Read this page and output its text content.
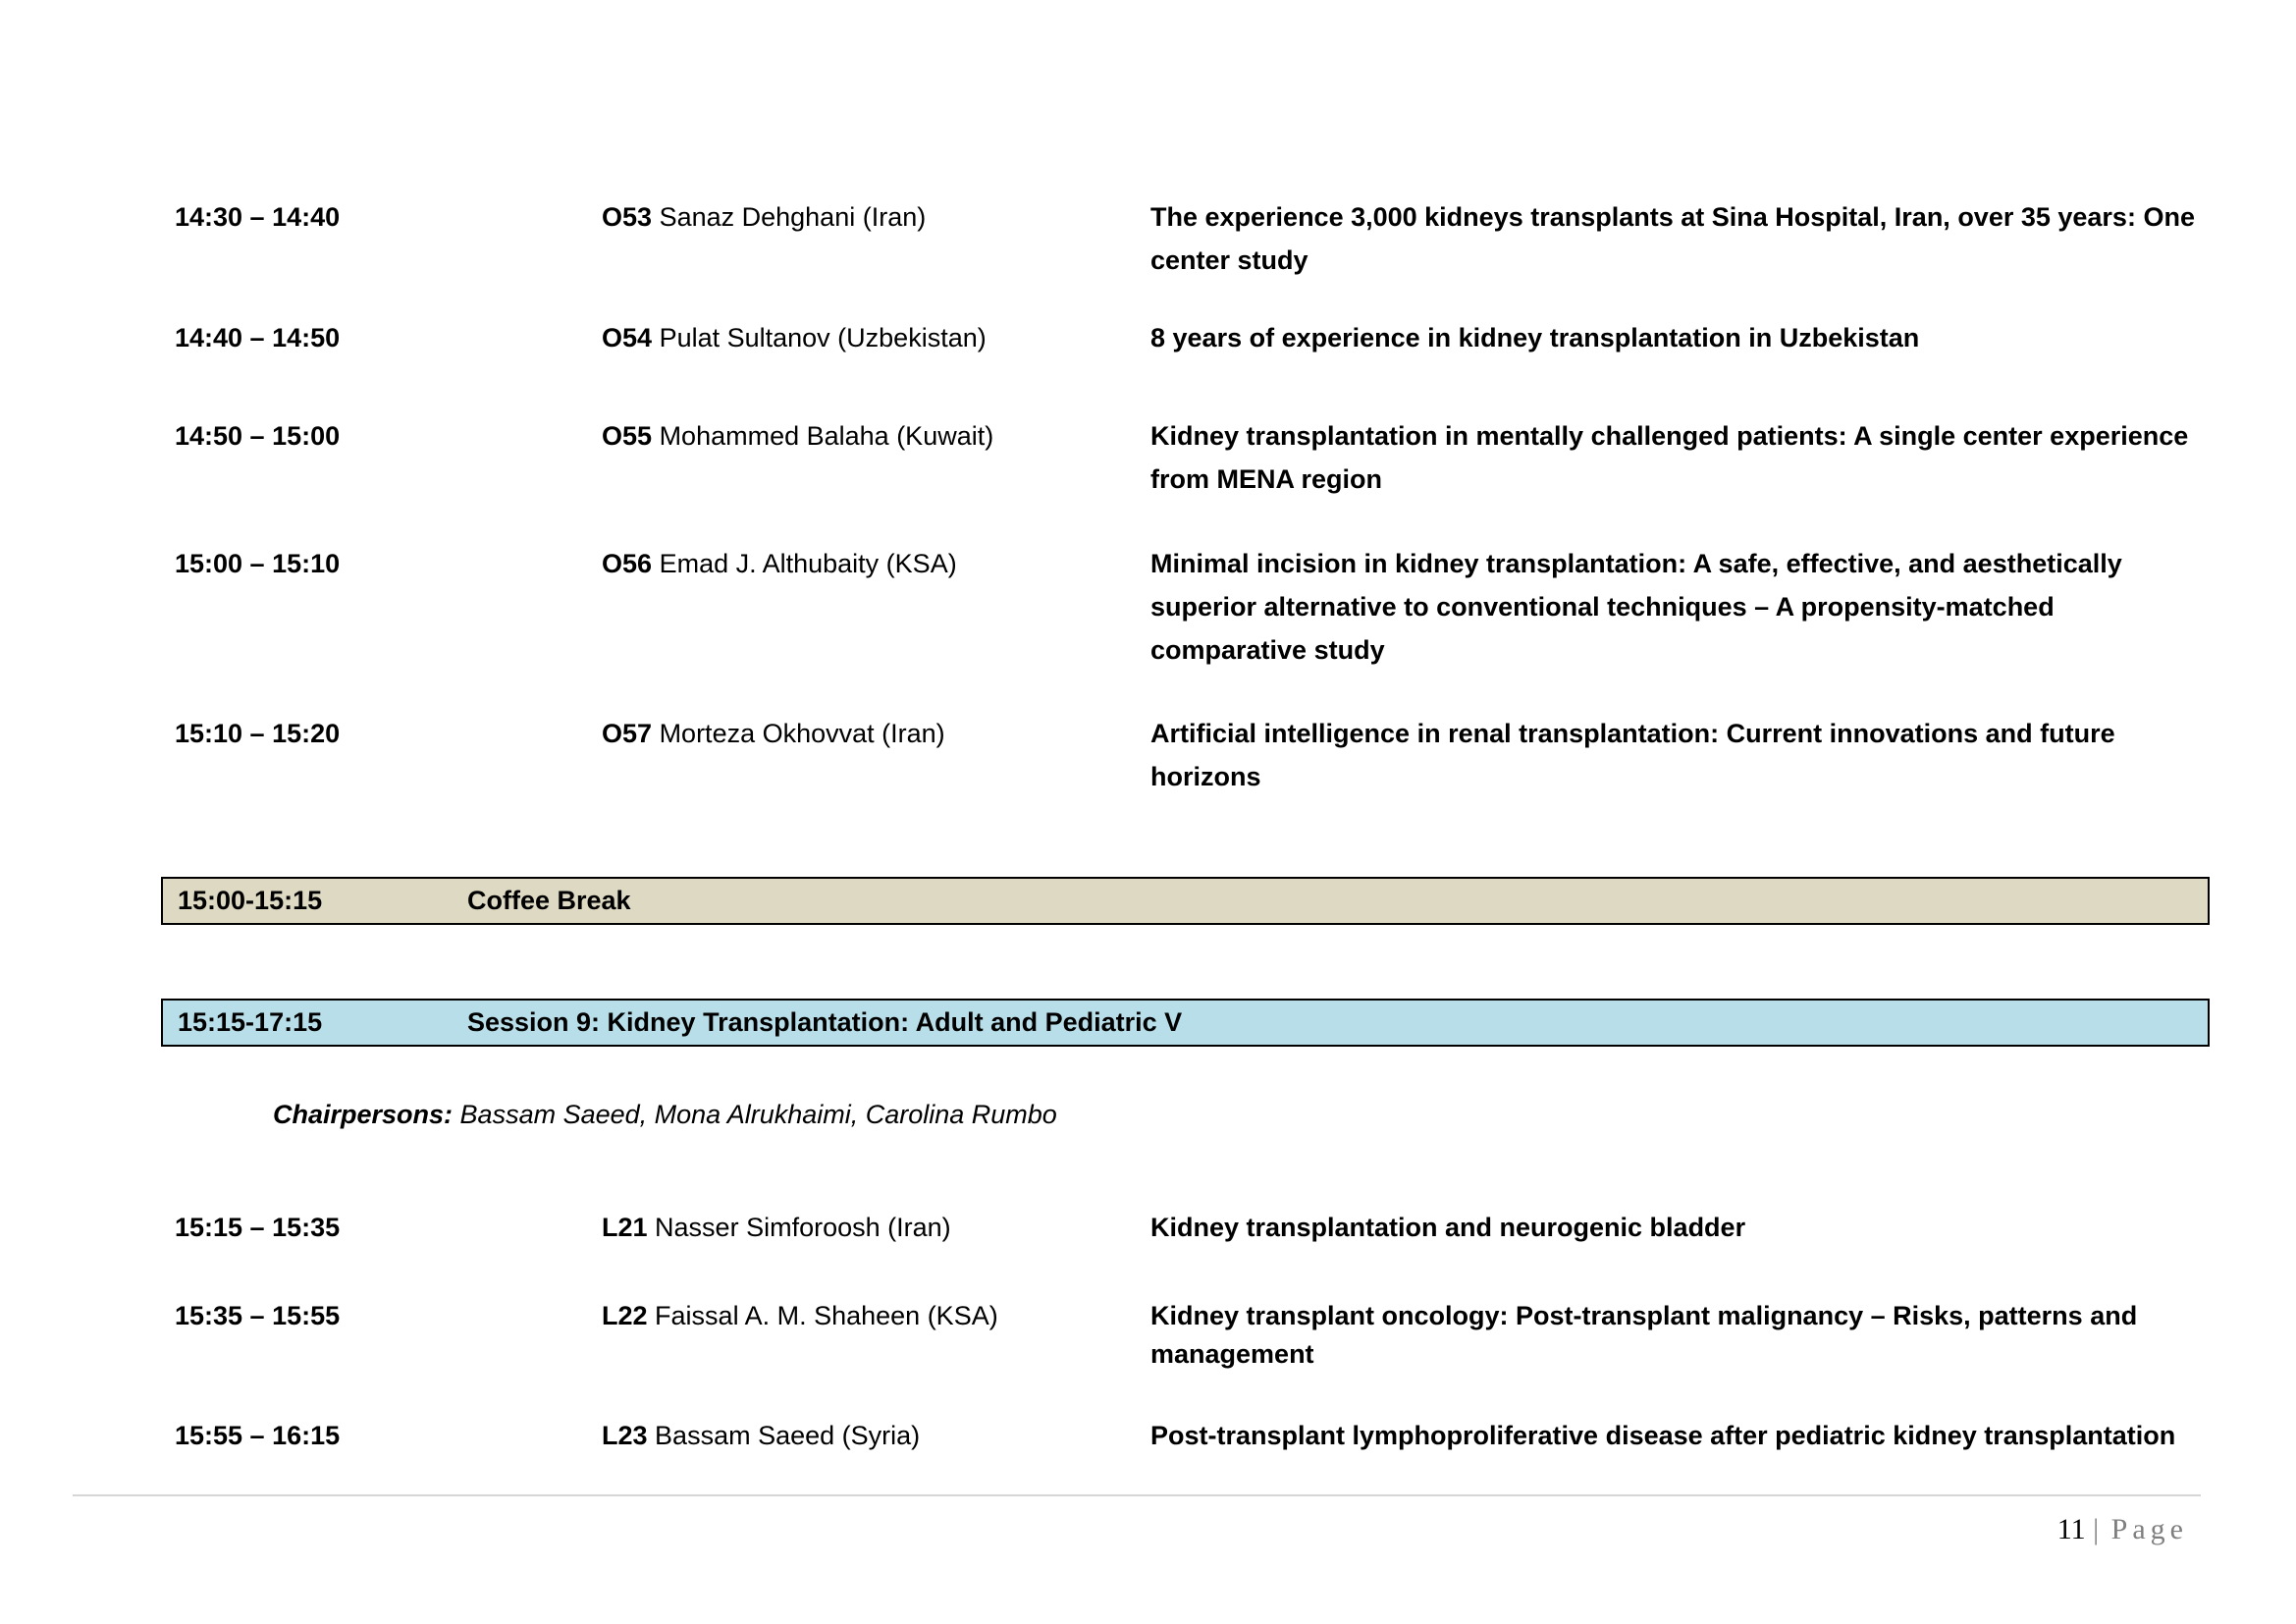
14:30 – 14:40	O53 Sanaz Dehghani (Iran)	The experience 3,000 kidneys transplants at Sina Hospital, Iran, over 35 years: One center study
14:40 – 14:50	O54 Pulat Sultanov (Uzbekistan)	8 years of experience in kidney transplantation in Uzbekistan
14:50 – 15:00	O55 Mohammed Balaha (Kuwait)	Kidney transplantation in mentally challenged patients: A single center experience from MENA region
15:00 – 15:10	O56 Emad J. Althubaity (KSA)	Minimal incision in kidney transplantation: A safe, effective, and aesthetically superior alternative to conventional techniques – A propensity-matched comparative study
15:10 – 15:20	O57 Morteza Okhovvat (Iran)	Artificial intelligence in renal transplantation: Current innovations and future horizons
15:00-15:15	Coffee Break
15:15-17:15	Session 9: Kidney Transplantation: Adult and Pediatric V
Chairpersons: Bassam Saeed, Mona Alrukhaimi, Carolina Rumbo
15:15 – 15:35	L21 Nasser Simforoosh (Iran)	Kidney transplantation and neurogenic bladder
15:35 – 15:55	L22 Faissal A. M. Shaheen (KSA)	Kidney transplant oncology: Post-transplant malignancy – Risks, patterns and management
15:55 – 16:15	L23 Bassam Saeed (Syria)	Post-transplant lymphoproliferative disease after pediatric kidney transplantation
11 | Page
